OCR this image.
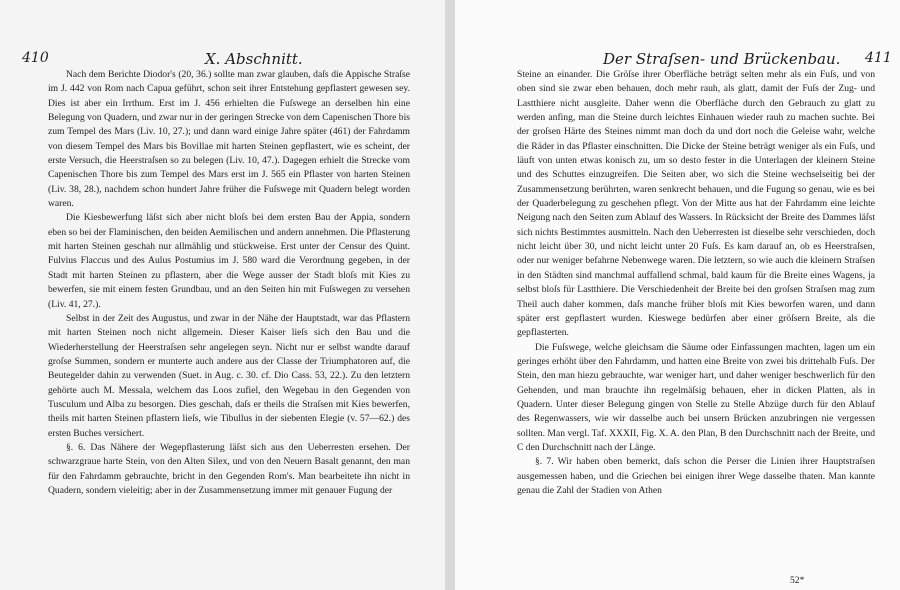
410	X. Abschnitt.

Nach dem Berichte Diodor's (20, 36.) sollte man zwar glauben, daſs die Appische Straſse im J. 442 von Rom nach Capua geführt, schon seit ihrer Entstehung gepflastert gewesen sey. Dies ist aber ein Irrthum. Erst im J. 456 erhielten die Fuſswege an derselben hin eine Belegung von Quadern, und zwar nur in der geringen Strecke von dem Capenischen Thore bis zum Tempel des Mars (Liv. 10, 27.); und dann ward einige Jahre später (461) der Fahrdamm von diesem Tempel des Mars bis Bovillae mit harten Steinen gepflastert, wie es scheint, der erste Versuch, die Heerstraſsen so zu belegen (Liv. 10, 47.). Dagegen erhielt die Strecke vom Capenischen Thore bis zum Tempel des Mars erst im J. 565 ein Pflaster von harten Steinen (Liv. 38, 28.), nachdem schon hundert Jahre früher die Fuſswege mit Quadern belegt worden waren.

Die Kiesbewerfung läſst sich aber nicht bloſs bei dem ersten Bau der Appia, sondern eben so bei der Flaminischen, den beiden Aemilischen und andern annehmen. Die Pflasterung mit harten Steinen geschah nur allmählig und stückweise. Erst unter der Censur des Quint. Fulvius Flaccus und des Aulus Postumius im J. 580 ward die Verordnung gegeben, in der Stadt mit harten Steinen zu pflastern, aber die Wege ausser der Stadt bloſs mit Kies zu bewerfen, sie mit einem festen Grundbau, und an den Seiten hin mit Fuſswegen zu versehen (Liv. 41, 27.).

Selbst in der Zeit des Augustus, und zwar in der Nähe der Hauptstadt, war das Pflastern mit harten Steinen noch nicht allgemein. Dieser Kaiser lieſs sich den Bau und die Wiederherstellung der Heerstraſsen sehr angelegen seyn. Nicht nur er selbst wandte darauf groſse Summen, sondern er munterte auch andere aus der Classe der Triumphatoren auf, die Beutegelder dahin zu verwenden (Suet. in Aug. c. 30. cf. Dio Cass. 53, 22.). Zu den letztern gehörte auch M. Messala, welchem das Loos zufiel, den Wegebau in den Gegenden von Tusculum und Alba zu besorgen. Dies geschah, daſs er theils die Straſsen mit Kies bewerfen, theils mit harten Steinen pflastern lieſs, wie Tibullus in der siebenten Elegie (v. 57—62.) des ersten Buches versichert.

§. 6. Das Nähere der Wegepflasterung läſst sich aus den Ueberresten ersehen. Der schwarzgraue harte Stein, von den Alten Silex, und von den Neuern Basalt genannt, den man für den Fahrdamm gebrauchte, bricht in den Gegenden Rom's. Man bearbeitete ihn nicht in Quadern, sondern vieleitig; aber in der Zusammensetzung immer mit genauer Fugung der

Der Straſsen- und Brückenbau. 411

Steine an einander. Die Gröſse ihrer Oberfläche beträgt selten mehr als ein Fuſs, und von oben sind sie zwar eben behauen, doch mehr rauh, als glatt, damit der Fuſs der Zug- und Lastthiere nicht ausgleite. Daher wenn die Oberfläche durch den Gebrauch zu glatt zu werden anfing, man die Steine durch leichtes Einhauen wieder rauh zu machen suchte. Bei der groſsen Härte des Steines nimmt man doch da und dort noch die Geleise wahr, welche die Räder in das Pflaster einschnitten. Die Dicke der Steine beträgt weniger als ein Fuſs, und läuft von unten etwas konisch zu, um so desto fester in die Unterlagen der kleinern Steine und des Schuttes einzugreifen. Die Seiten aber, wo sich die Steine wechselseitig bei der Zusammensetzung berührten, waren senkrecht behauen, und die Fugung so genau, wie es bei der Quaderbelegung zu geschehen pflegt. Von der Mitte aus hat der Fahrdamm eine leichte Neigung nach den Seiten zum Ablauf des Wassers. In Rücksicht der Breite des Dammes läſst sich nichts Bestimmtes ausmitteln. Nach den Ueberresten ist dieselbe sehr verschieden, doch nicht leicht über 30, und nicht leicht unter 20 Fuſs. Es kam darauf an, ob es Heerstraſsen, oder nur weniger befahrne Nebenwege waren. Die letztern, so wie auch die kleinern Straſsen in den Städten sind manchmal auffallend schmal, bald kaum für die Breite eines Wagens, ja selbst bloſs für Lastthiere. Die Verschiedenheit der Breite bei den groſsen Straſsen mag zum Theil auch daher kommen, daſs manche früher bloſs mit Kies beworfen waren, und dann später erst gepflastert wurden. Kieswege bedürfen aber einer gröſsern Breite, als die gepflasterten.

Die Fuſswege, welche gleichsam die Säume oder Einfassungen machten, lagen um ein geringes erhöht über den Fahrdamm, und hatten eine Breite von zwei bis drittehalb Fuſs. Der Stein, den man hiezu gebrauchte, war weniger hart, und daher weniger beschwerlich für den Gehenden, und man brauchte ihn regelmäſsig behauen, eher in dicken Platten, als in Quadern. Unter dieser Belegung gingen von Stelle zu Stelle Abzüge durch für den Ablauf des Regenwassers, wie wir dasselbe auch bei unsern Brücken anzubringen nie vergessen sollten. Man vergl. Taf. XXXII, Fig. X. A. den Plan, B den Durchschnitt nach der Breite, und C den Durchschnitt nach der Länge.

§. 7. Wir haben oben bemerkt, daſs schon die Perser die Linien ihrer Hauptstraſsen ausgemessen haben, und die Griechen bei einigen ihrer Wege dasselbe thaten. Man kannte genau die Zahl der Stadien von Athen

52*
